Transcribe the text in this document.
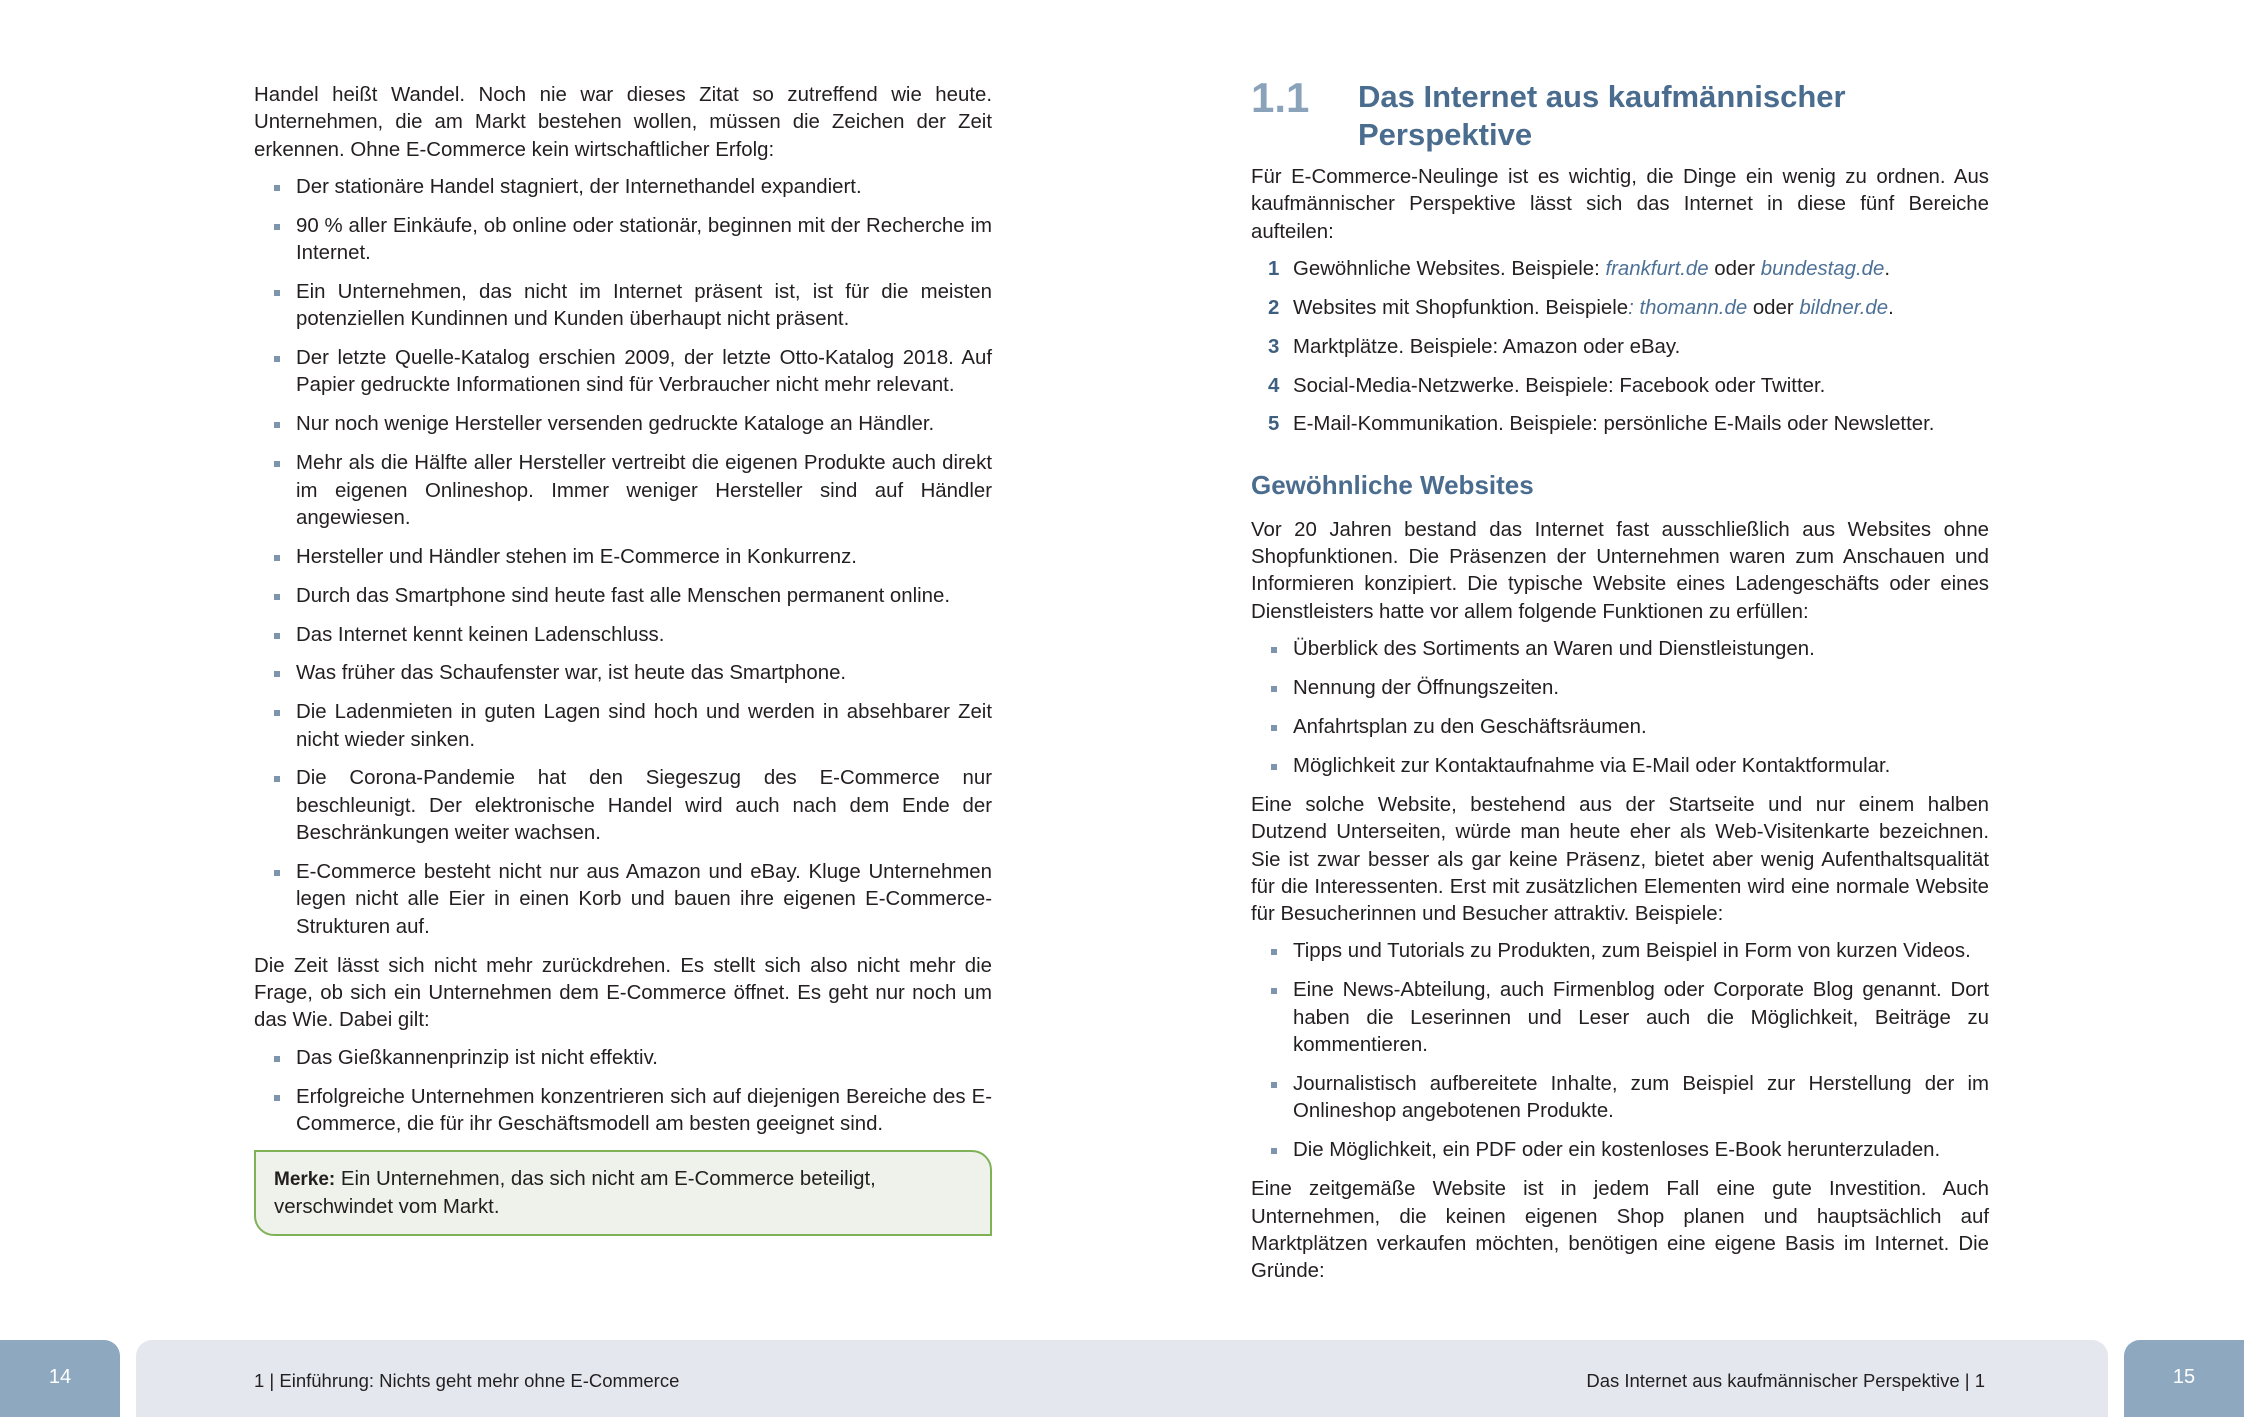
Handel heißt Wandel. Noch nie war dieses Zitat so zutreffend wie heute. Unternehmen, die am Markt bestehen wollen, müssen die Zeichen der Zeit erkennen. Ohne E-Commerce kein wirtschaftlicher Erfolg:

Der stationäre Handel stagniert, der Internethandel expandiert.
90 % aller Einkäufe, ob online oder stationär, beginnen mit der Recherche im Internet.
Ein Unternehmen, das nicht im Internet präsent ist, ist für die meisten potenziellen Kundinnen und Kunden überhaupt nicht präsent.
Der letzte Quelle-Katalog erschien 2009, der letzte Otto-Katalog 2018. Auf Papier gedruckte Informationen sind für Verbraucher nicht mehr relevant.
Nur noch wenige Hersteller versenden gedruckte Kataloge an Händler.
Mehr als die Hälfte aller Hersteller vertreibt die eigenen Produkte auch direkt im eigenen Onlineshop. Immer weniger Hersteller sind auf Händler angewiesen.
Hersteller und Händler stehen im E-Commerce in Konkurrenz.
Durch das Smartphone sind heute fast alle Menschen permanent online.
Das Internet kennt keinen Ladenschluss.
Was früher das Schaufenster war, ist heute das Smartphone.
Die Ladenmieten in guten Lagen sind hoch und werden in absehbarer Zeit nicht wieder sinken.
Die Corona-Pandemie hat den Siegeszug des E-Commerce nur beschleunigt. Der elektronische Handel wird auch nach dem Ende der Beschränkungen weiter wachsen.
E-Commerce besteht nicht nur aus Amazon und eBay. Kluge Unternehmen legen nicht alle Eier in einen Korb und bauen ihre eigenen E-Commerce-Strukturen auf.

Die Zeit lässt sich nicht mehr zurückdrehen. Es stellt sich also nicht mehr die Frage, ob sich ein Unternehmen dem E-Commerce öffnet. Es geht nur noch um das Wie. Dabei gilt:

Das Gießkannenprinzip ist nicht effektiv.
Erfolgreiche Unternehmen konzentrieren sich auf diejenigen Bereiche des E-Commerce, die für ihr Geschäftsmodell am besten geeignet sind.
Merke: Ein Unternehmen, das sich nicht am E-Commerce beteiligt, verschwindet vom Markt.
1.1 Das Internet aus kaufmännischer Perspektive

Für E-Commerce-Neulinge ist es wichtig, die Dinge ein wenig zu ordnen. Aus kaufmännischer Perspektive lässt sich das Internet in diese fünf Bereiche aufteilen:

1 Gewöhnliche Websites. Beispiele: frankfurt.de oder bundestag.de.
2 Websites mit Shopfunktion. Beispiele: thomann.de oder bildner.de.
3 Marktplätze. Beispiele: Amazon oder eBay.
4 Social-Media-Netzwerke. Beispiele: Facebook oder Twitter.
5 E-Mail-Kommunikation. Beispiele: persönliche E-Mails oder Newsletter.
Gewöhnliche Websites

Vor 20 Jahren bestand das Internet fast ausschließlich aus Websites ohne Shopfunktionen. Die Präsenzen der Unternehmen waren zum Anschauen und Informieren konzipiert. Die typische Website eines Ladengeschäfts oder eines Dienstleisters hatte vor allem folgende Funktionen zu erfüllen:

Überblick des Sortiments an Waren und Dienstleistungen.
Nennung der Öffnungszeiten.
Anfahrtsplan zu den Geschäftsräumen.
Möglichkeit zur Kontaktaufnahme via E-Mail oder Kontaktformular.

Eine solche Website, bestehend aus der Startseite und nur einem halben Dutzend Unterseiten, würde man heute eher als Web-Visitenkarte bezeichnen. Sie ist zwar besser als gar keine Präsenz, bietet aber wenig Aufenthaltsqualität für die Interessenten. Erst mit zusätzlichen Elementen wird eine normale Website für Besucherinnen und Besucher attraktiv. Beispiele:

Tipps und Tutorials zu Produkten, zum Beispiel in Form von kurzen Videos.
Eine News-Abteilung, auch Firmenblog oder Corporate Blog genannt. Dort haben die Leserinnen und Leser auch die Möglichkeit, Beiträge zu kommentieren.
Journalistisch aufbereitete Inhalte, zum Beispiel zur Herstellung der im Onlineshop angebotenen Produkte.
Die Möglichkeit, ein PDF oder ein kostenloses E-Book herunterzuladen.

Eine zeitgemäße Website ist in jedem Fall eine gute Investition. Auch Unternehmen, die keinen eigenen Shop planen und hauptsächlich auf Marktplätzen verkaufen möchten, benötigen eine eigene Basis im Internet. Die Gründe:

14	1 | Einführung: Nichts geht mehr ohne E-Commerce	Das Internet aus kaufmännischer Perspektive | 1	15
